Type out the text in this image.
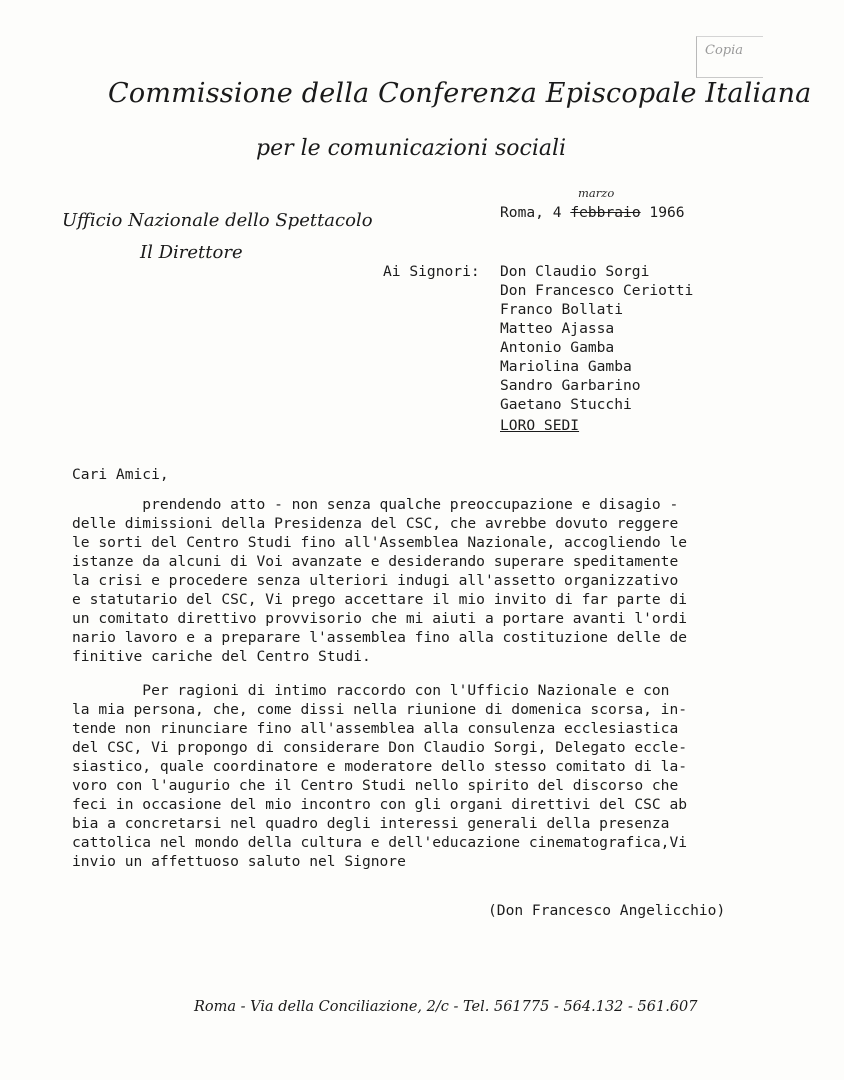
Copia
Commissione della Conferenza Episcopale Italiana
per le comunicazioni sociali
Ufficio Nazionale dello Spettacolo
Il Direttore
marzo
Roma, 4 febbraio 1966
Ai Signori: Don Claudio Sorgi
Don Francesco Ceriotti
Franco Bollati
Matteo Ajassa
Antonio Gamba
Mariolina Gamba
Sandro Garbarino
Gaetano Stucchi
LORO SEDI
Cari Amici,
prendendo atto - non senza qualche preoccupazione e disagio -
delle dimissioni della Presidenza del CSC, che avrebbe dovuto reggere
le sorti del Centro Studi fino all'Assemblea Nazionale, accogliendo le
istanze da alcuni di Voi avanzate e desiderando superare speditamente
la crisi e procedere senza ulteriori indugi all'assetto organizzativo
e statutario del CSC, Vi prego accettare il mio invito di far parte di
un comitato direttivo provvisorio che mi aiuti a portare avanti l'ordi
nario lavoro e a preparare l'assemblea fino alla costituzione delle de
finitive cariche del Centro Studi.
Per ragioni di intimo raccordo con l'Ufficio Nazionale e con
la mia persona, che, come dissi nella riunione di domenica scorsa, in-
tende non rinunciare fino all'assemblea alla consulenza ecclesiastica
del CSC, Vi propongo di considerare Don Claudio Sorgi, Delegato eccle-
siastico, quale coordinatore e moderatore dello stesso comitato di la-
voro con l'augurio che il Centro Studi nello spirito del discorso che
feci in occasione del mio incontro con gli organi direttivi del CSC ab
bia a concretarsi nel quadro degli interessi generali della presenza
cattolica nel mondo della cultura e dell'educazione cinematografica,Vi
invio un affettuoso saluto nel Signore
(Don Francesco Angelicchio)
Roma - Via della Conciliazione, 2/c - Tel. 561775 - 564.132 - 561.607
